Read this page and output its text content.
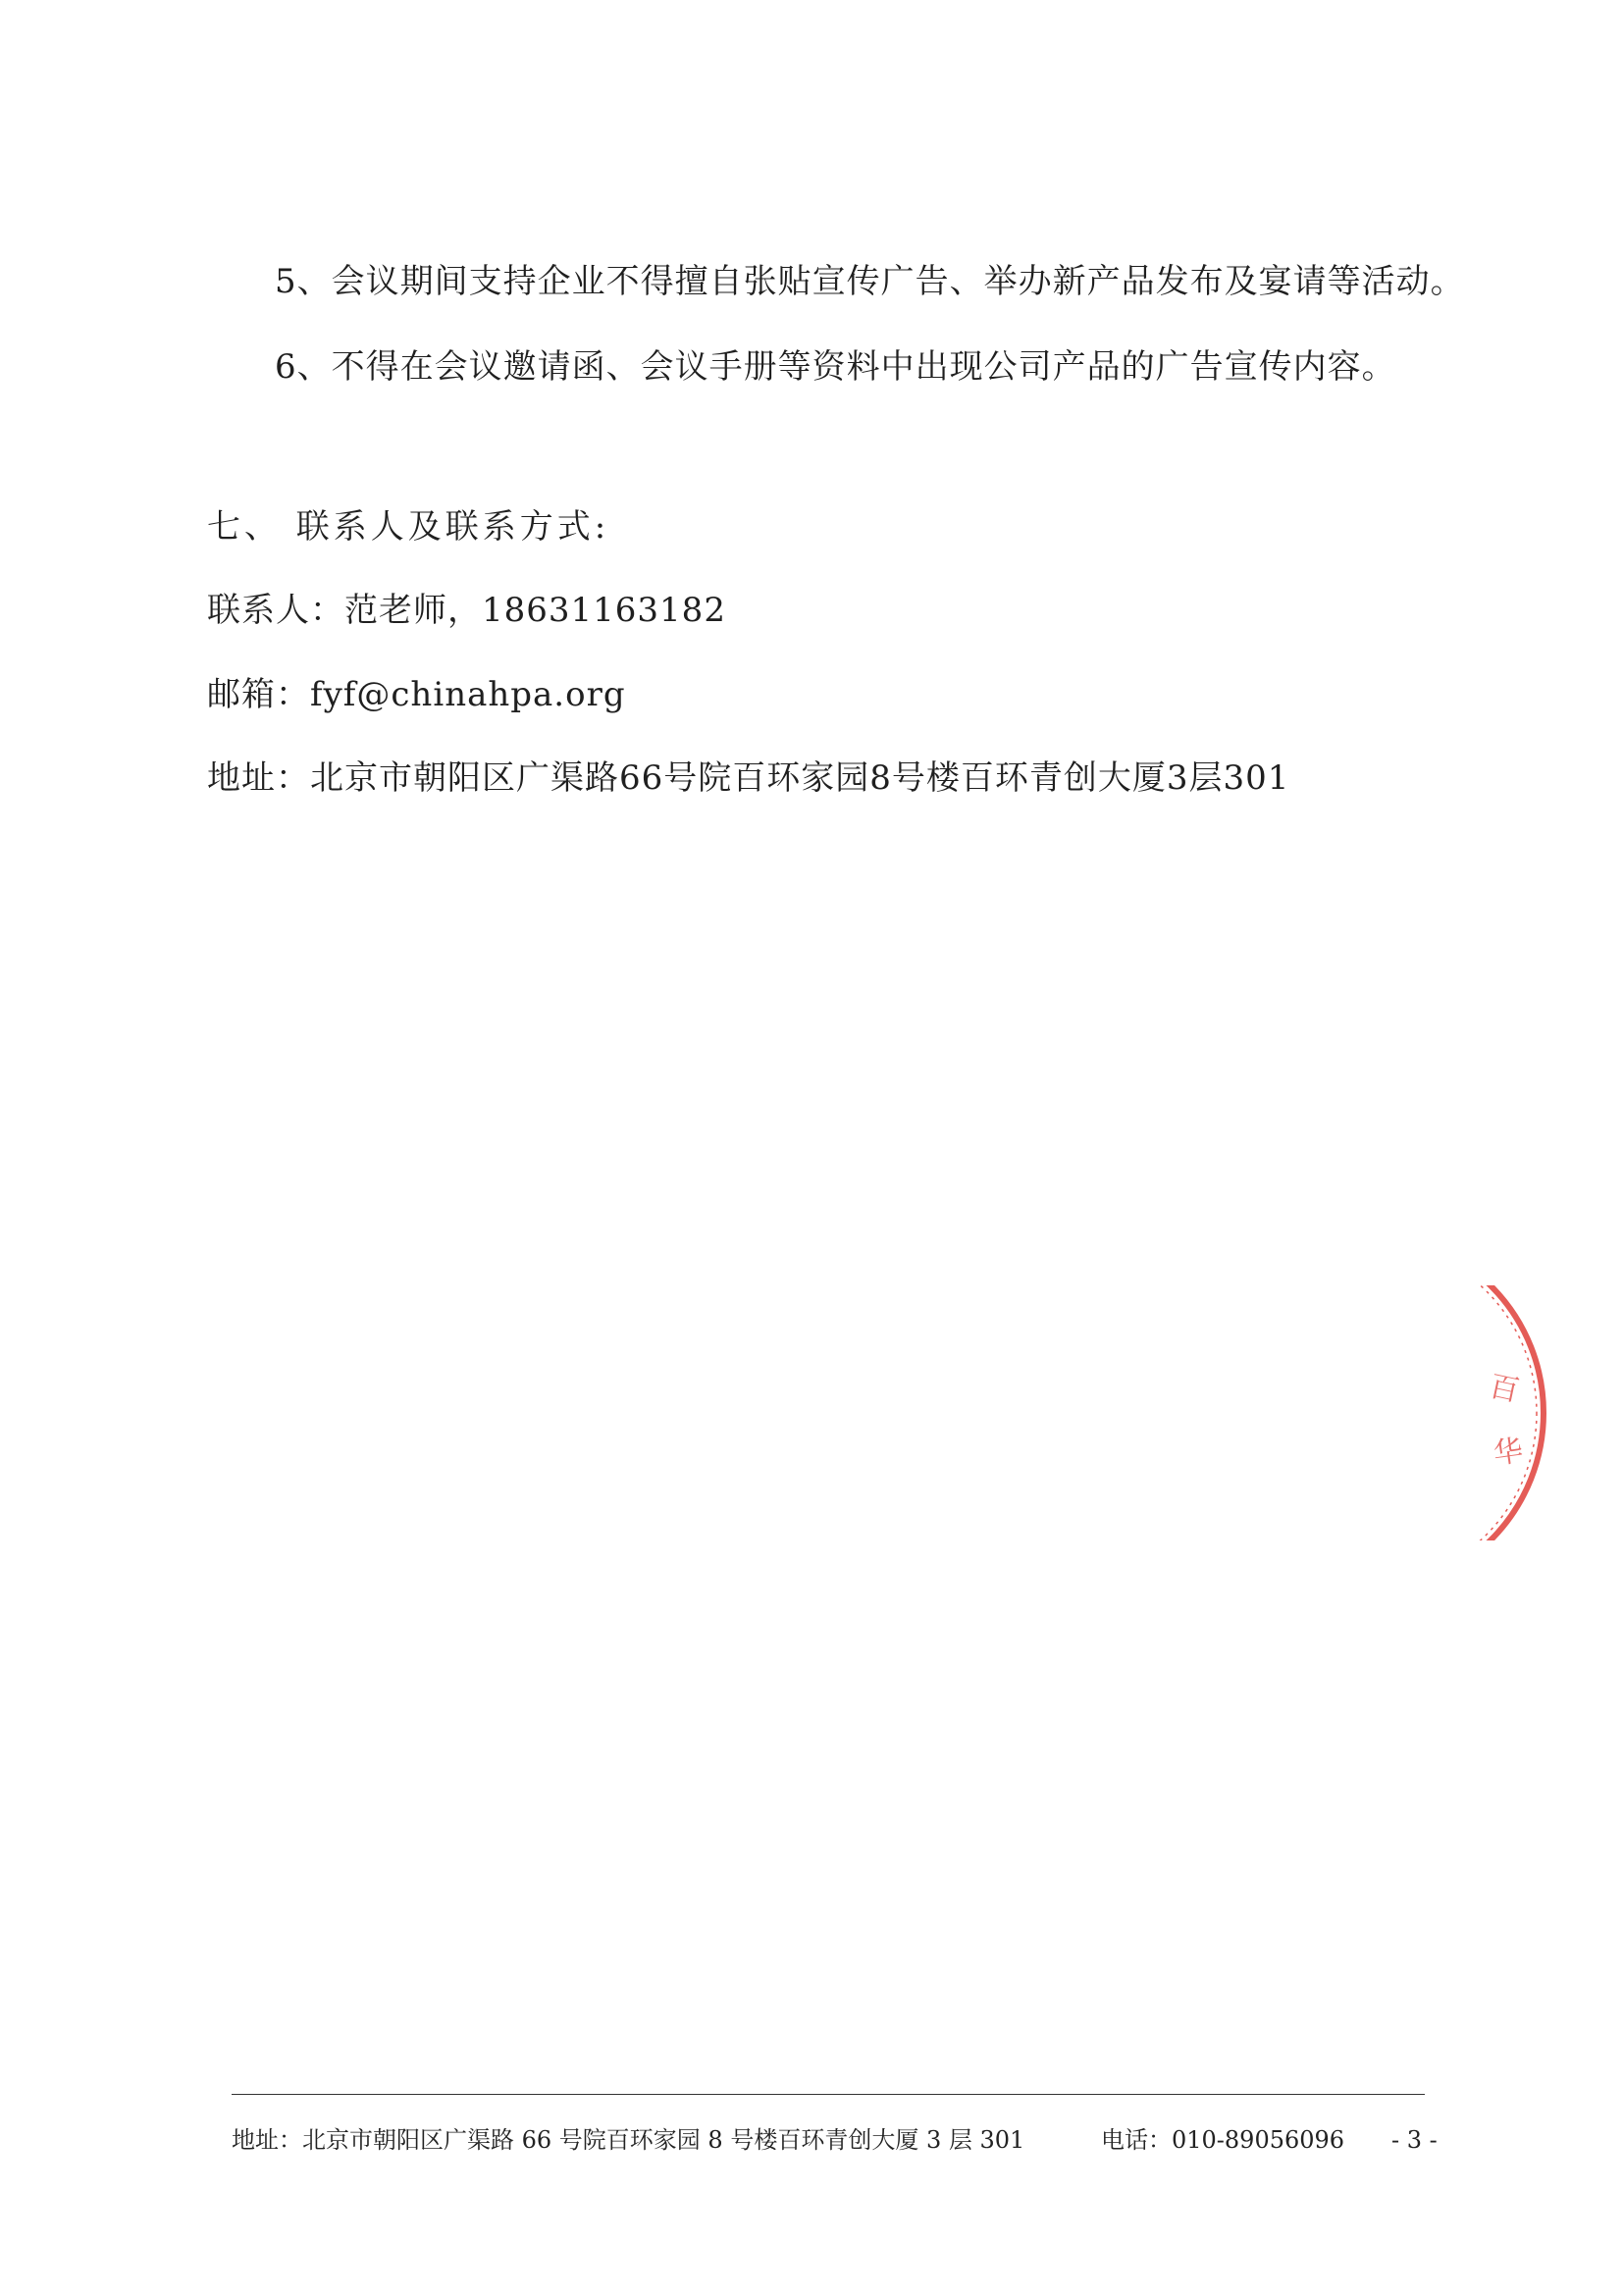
5、会议期间支持企业不得擅自张贴宣传广告、举办新产品发布及宴请等活动。
6、不得在会议邀请函、会议手册等资料中出现公司产品的广告宣传内容。
七、 联系人及联系方式:
联系人：范老师，18631163182
邮箱：fyf@chinahpa.org
地址：北京市朝阳区广渠路66号院百环家园8号楼百环青创大厦3层301
百
华
地址：北京市朝阳区广渠路 66 号院百环家园 8 号楼百环青创大厦 3 层 301	电话：010-89056096 - 3 -
